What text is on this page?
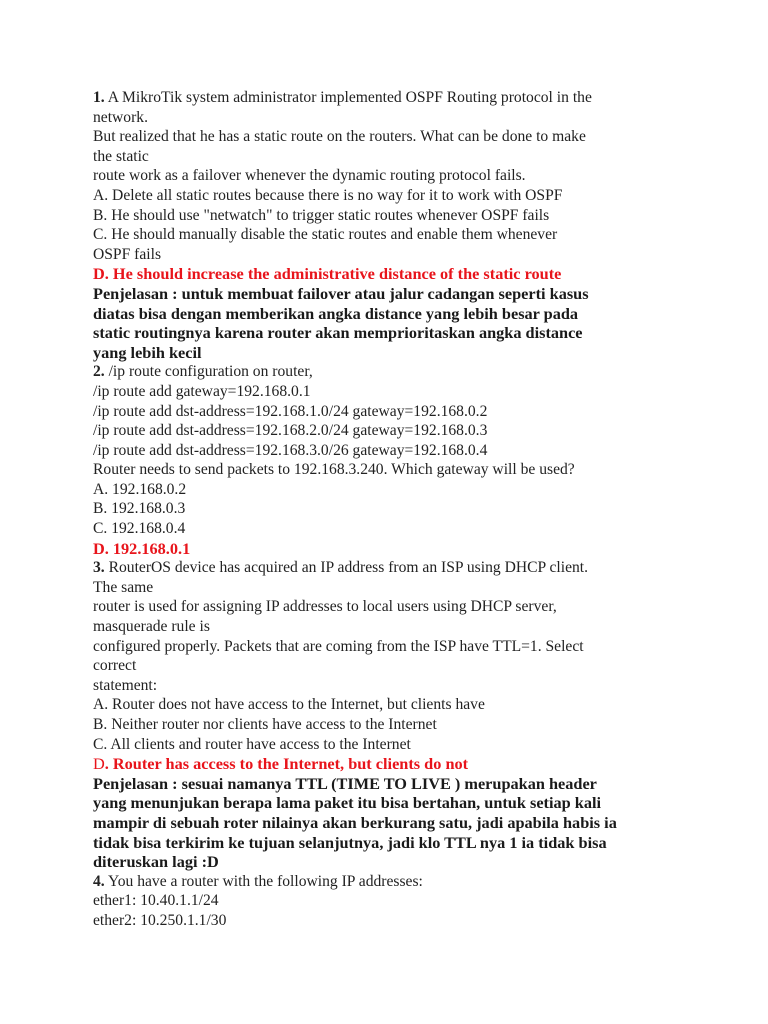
1. A MikroTik system administrator implemented OSPF Routing protocol in the
network.
But realized that he has a static route on the routers. What can be done to make
the static
route work as a failover whenever the dynamic routing protocol fails.
A. Delete all static routes because there is no way for it to work with OSPF
B. He should use "netwatch" to trigger static routes whenever OSPF fails
C. He should manually disable the static routes and enable them whenever
OSPF fails
D. He should increase the administrative distance of the static route
Penjelasan : untuk membuat failover atau jalur cadangan seperti kasus
diatas bisa dengan memberikan angka distance yang lebih besar pada
static routingnya karena router akan memprioritaskan angka distance
yang lebih kecil
2. /ip route configuration on router,
/ip route add gateway=192.168.0.1
/ip route add dst-address=192.168.1.0/24 gateway=192.168.0.2
/ip route add dst-address=192.168.2.0/24 gateway=192.168.0.3
/ip route add dst-address=192.168.3.0/26 gateway=192.168.0.4
Router needs to send packets to 192.168.3.240. Which gateway will be used?
A. 192.168.0.2
B. 192.168.0.3
C. 192.168.0.4
D. 192.168.0.1
3. RouterOS device has acquired an IP address from an ISP using DHCP client.
The same
router is used for assigning IP addresses to local users using DHCP server,
masquerade rule is
configured properly. Packets that are coming from the ISP have TTL=1. Select
correct
statement:
A. Router does not have access to the Internet, but clients have
B. Neither router nor clients have access to the Internet
C. All clients and router have access to the Internet
D. Router has access to the Internet, but clients do not
Penjelasan : sesuai namanya TTL (TIME TO LIVE ) merupakan header
yang menunjukan berapa lama paket itu bisa bertahan, untuk setiap kali
mampir di sebuah roter nilainya akan berkurang satu, jadi apabila habis ia
tidak bisa terkirim ke tujuan selanjutnya, jadi klo TTL nya 1 ia tidak bisa
diteruskan lagi :D
4. You have a router with the following IP addresses:
ether1: 10.40.1.1/24
ether2: 10.250.1.1/30
